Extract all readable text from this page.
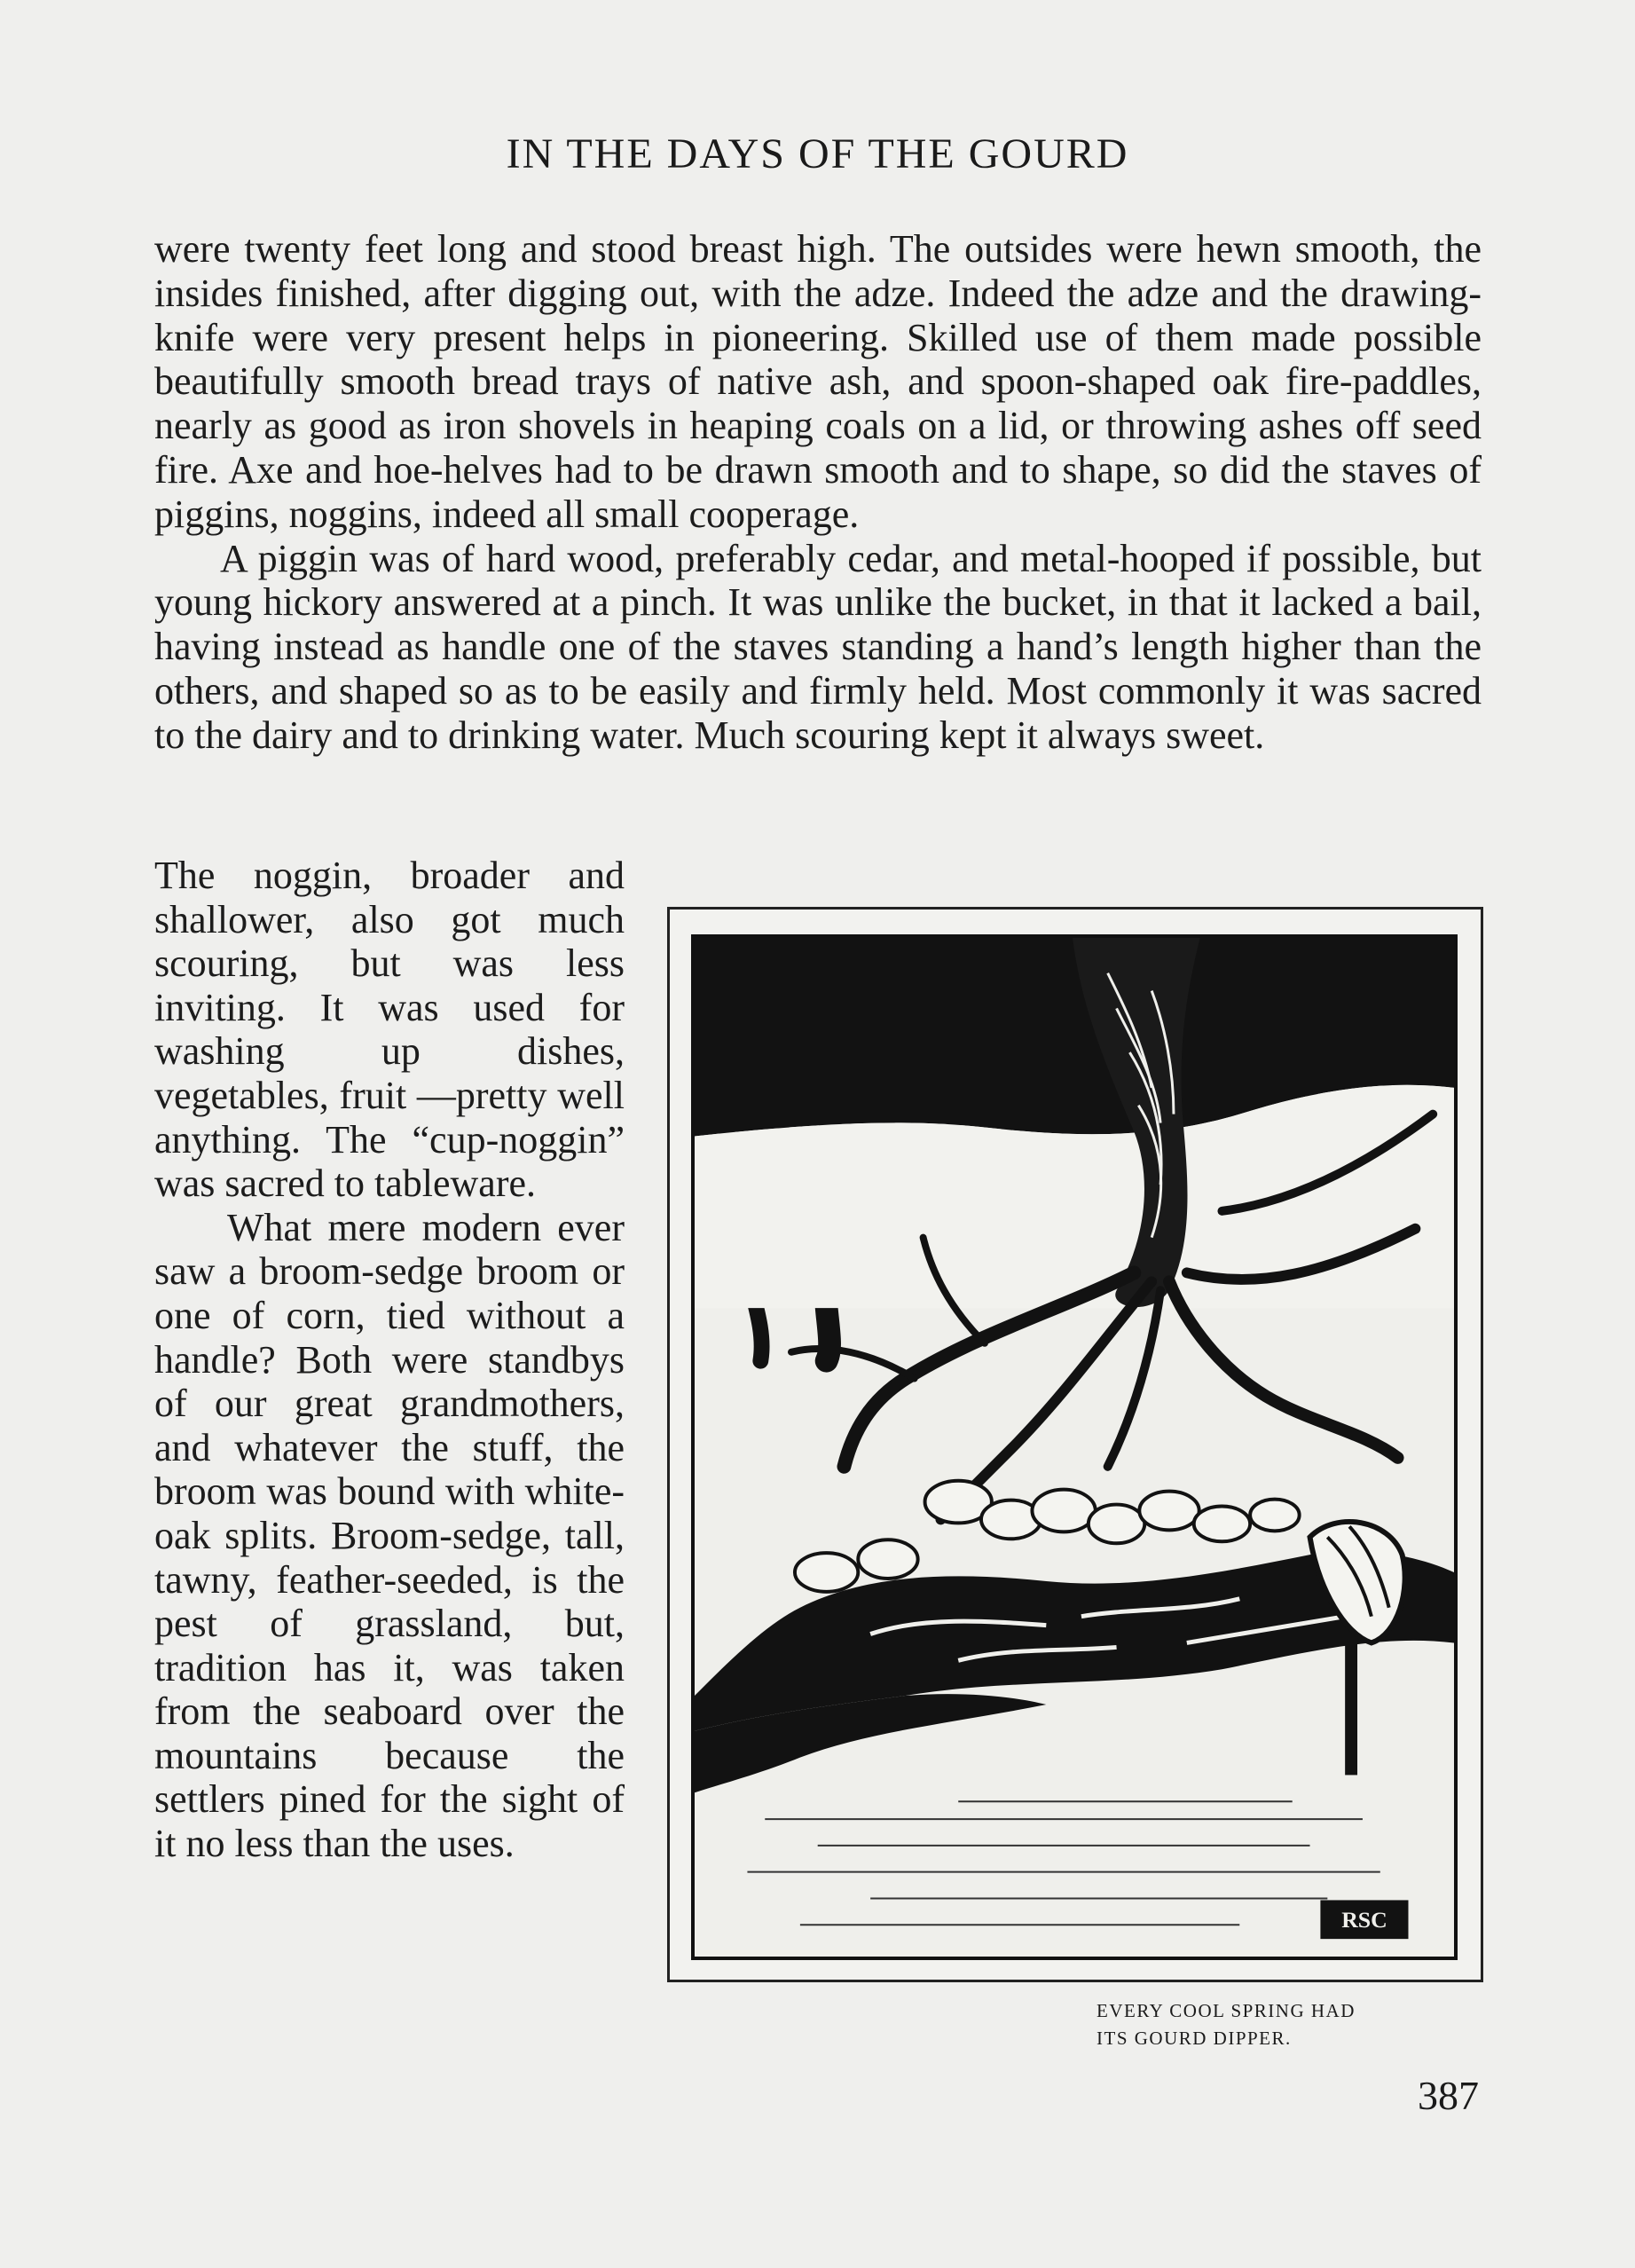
IN THE DAYS OF THE GOURD

were twenty feet long and stood breast high. The outsides were hewn smooth, the insides finished, after digging out, with the adze. Indeed the adze and the drawing-knife were very present helps in pioneering. Skilled use of them made possible beautifully smooth bread trays of native ash, and spoon-shaped oak fire-paddles, nearly as good as iron shovels in heaping coals on a lid, or throwing ashes off seed fire. Axe and hoe-helves had to be drawn smooth and to shape, so did the staves of piggins, noggins, indeed all small cooperage.

A piggin was of hard wood, preferably cedar, and metal-hooped if possible, but young hickory answered at a pinch. It was unlike the bucket, in that it lacked a bail, having instead as handle one of the staves standing a hand’s length higher than the others, and shaped so as to be easily and firmly held. Most commonly it was sacred to the dairy and to drinking water. Much scouring kept it always sweet.

The noggin, broader and shallower, also got much scouring, but was less inviting. It was used for washing up dishes, vegetables, fruit —pretty well anything. The “cup-noggin” was sacred to tableware.

What mere modern ever saw a broom-sedge broom or one of corn, tied without a handle? Both were standbys of our great grandmothers, and whatever the stuff, the broom was bound with white-oak splits. Broom-sedge, tall, tawny, feather-seeded, is the pest of grassland, but, tradition has it, was taken from the seaboard over the mountains because the settlers pined for the sight of it no less than the uses.

RSC
EVERY COOL SPRING HAD
ITS GOURD DIPPER.
387
